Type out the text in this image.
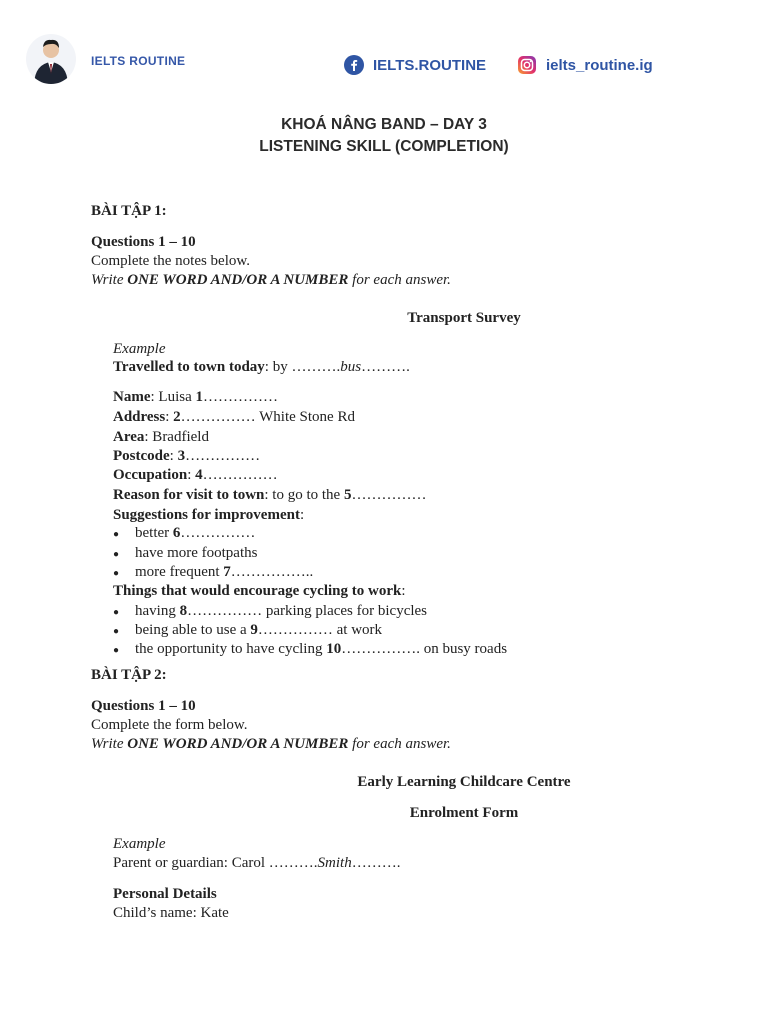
IELTS ROUTINE	IELTS.ROUTINE	ielts_routine.ig
KHOÁ NÂNG BAND – DAY 3
LISTENING SKILL (COMPLETION)
BÀI TẬP 1:
Questions 1 – 10
Complete the notes below.
Write ONE WORD AND/OR A NUMBER for each answer.
Transport Survey
Example
Travelled to town today: by ……….bus……….
Name: Luisa 1……………
Address: 2…………… White Stone Rd
Area: Bradfield
Postcode: 3……………
Occupation: 4……………
Reason for visit to town: to go to the 5……………
Suggestions for improvement:
● better 6……………
● have more footpaths
● more frequent 7……………..
Things that would encourage cycling to work:
● having 8…………… parking places for bicycles
● being able to use a 9…………… at work
● the opportunity to have cycling 10……………. on busy roads
BÀI TẬP 2:
Questions 1 – 10
Complete the form below.
Write ONE WORD AND/OR A NUMBER for each answer.
Early Learning Childcare Centre
Enrolment Form
Example
Parent or guardian: Carol ……….Smith……….
Personal Details
Child’s name: Kate
